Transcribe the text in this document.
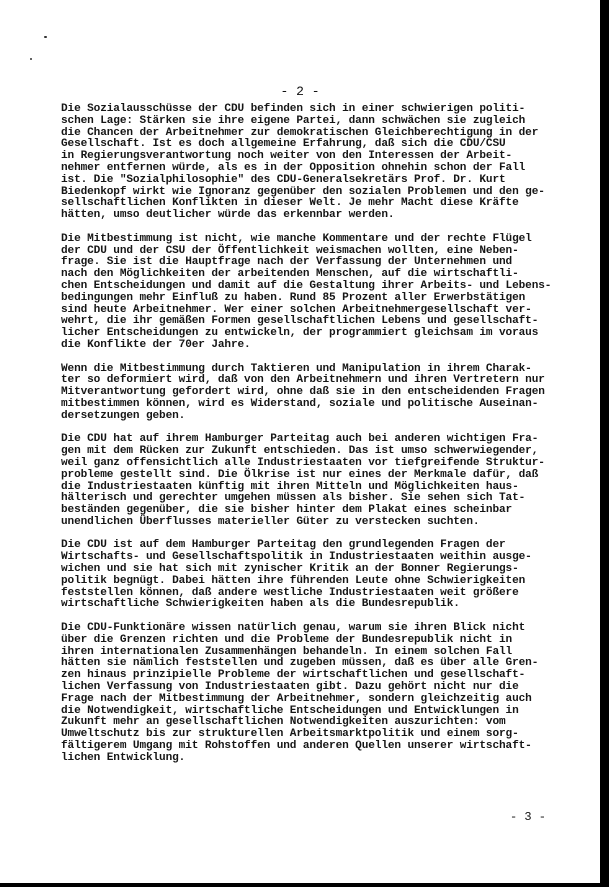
- 2 -

Die Sozialausschüsse der CDU befinden sich in einer schwierigen politi-
schen Lage: Stärken sie ihre eigene Partei, dann schwächen sie zugleich
die Chancen der Arbeitnehmer zur demokratischen Gleichberechtigung in der
Gesellschaft. Ist es doch allgemeine Erfahrung, daß sich die CDU/CSU
in Regierungsverantwortung noch weiter von den Interessen der Arbeit-
nehmer entfernen würde, als es in der Opposition ohnehin schon der Fall
ist. Die "Sozialphilosophie" des CDU-Generalsekretärs Prof. Dr. Kurt
Biedenkopf wirkt wie Ignoranz gegenüber den sozialen Problemen und den ge-
sellschaftlichen Konflikten in dieser Welt. Je mehr Macht diese Kräfte
hätten, umso deutlicher würde das erkennbar werden.

Die Mitbestimmung ist nicht, wie manche Kommentare und der rechte Flügel
der CDU und der CSU der Öffentlichkeit weismachen wollten, eine Neben-
frage. Sie ist die Hauptfrage nach der Verfassung der Unternehmen und
nach den Möglichkeiten der arbeitenden Menschen, auf die wirtschaftli-
chen Entscheidungen und damit auf die Gestaltung ihrer Arbeits- und Lebens-
bedingungen mehr Einfluß zu haben. Rund 85 Prozent aller Erwerbstätigen
sind heute Arbeitnehmer. Wer einer solchen Arbeitnehmergesellschaft ver-
wehrt, die ihr gemäßen Formen gesellschaftlichen Lebens und gesellschaft-
licher Entscheidungen zu entwickeln, der programmiert gleichsam im voraus
die Konflikte der 70er Jahre.

Wenn die Mitbestimmung durch Taktieren und Manipulation in ihrem Charak-
ter so deformiert wird, daß von den Arbeitnehmern und ihren Vertretern nur
Mitverantwortung gefordert wird, ohne daß sie in den entscheidenden Fragen
mitbestimmen können, wird es Widerstand, soziale und politische Auseinan-
dersetzungen geben.

Die CDU hat auf ihrem Hamburger Parteitag auch bei anderen wichtigen Fra-
gen mit dem Rücken zur Zukunft entschieden. Das ist umso schwerwiegender,
weil ganz offensichtlich alle Industriestaaten vor tiefgreifende Struktur-
probleme gestellt sind. Die Ölkrise ist nur eines der Merkmale dafür, daß
die Industriestaaten künftig mit ihren Mitteln und Möglichkeiten haus-
hälterisch und gerechter umgehen müssen als bisher. Sie sehen sich Tat-
beständen gegenüber, die sie bisher hinter dem Plakat eines scheinbar
unendlichen Überflusses materieller Güter zu verstecken suchten.

Die CDU ist auf dem Hamburger Parteitag den grundlegenden Fragen der
Wirtschafts- und Gesellschaftspolitik in Industriestaaten weithin ausge-
wichen und sie hat sich mit zynischer Kritik an der Bonner Regierungs-
politik begnügt. Dabei hätten ihre führenden Leute ohne Schwierigkeiten
feststellen können, daß andere westliche Industriestaaten weit größere
wirtschaftliche Schwierigkeiten haben als die Bundesrepublik.

Die CDU-Funktionäre wissen natürlich genau, warum sie ihren Blick nicht
über die Grenzen richten und die Probleme der Bundesrepublik nicht in
ihren internationalen Zusammenhängen behandeln. In einem solchen Fall
hätten sie nämlich feststellen und zugeben müssen, daß es über alle Gren-
zen hinaus prinzipielle Probleme der wirtschaftlichen und gesellschaft-
lichen Verfassung von Industriestaaten gibt. Dazu gehört nicht nur die
Frage nach der Mitbestimmung der Arbeitnehmer, sondern gleichzeitig auch
die Notwendigkeit, wirtschaftliche Entscheidungen und Entwicklungen in
Zukunft mehr an gesellschaftlichen Notwendigkeiten auszurichten: vom
Umweltschutz bis zur strukturellen Arbeitsmarktpolitik und einem sorg-
fältigerem Umgang mit Rohstoffen und anderen Quellen unserer wirtschaft-
lichen Entwicklung.

- 3 -
